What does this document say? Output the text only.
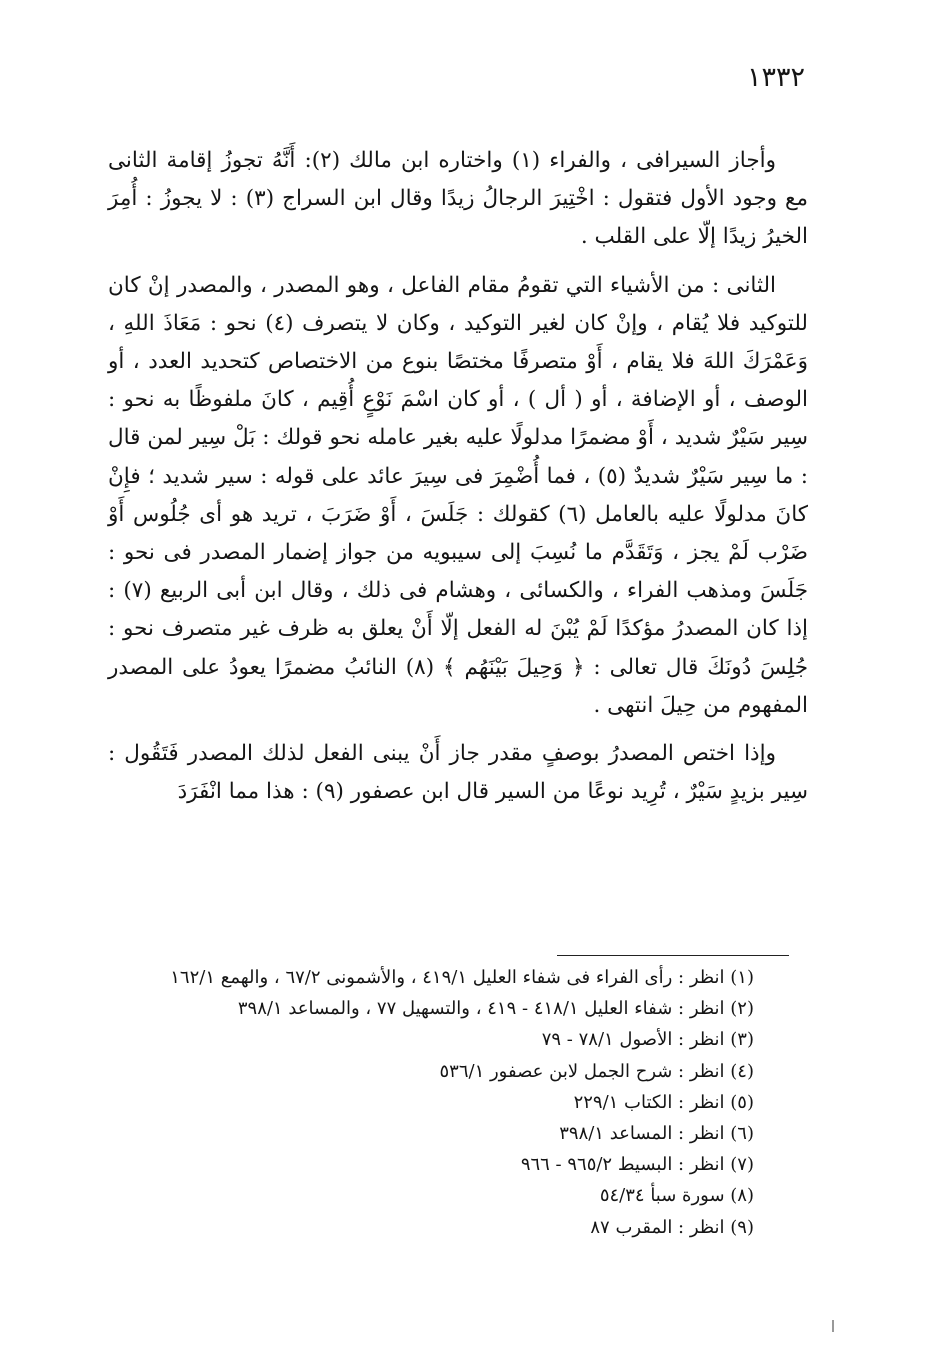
١٣٣٢

وأجاز السيرافى ، والفراء (١) واختاره ابن مالك (٢): أَنَّهُ تجوزُ إقامة الثانى مع وجود الأول فتقول : اخْتِيرَ الرجالُ زيدًا وقال ابن السراج (٣) : لا يجوزُ : أُمِرَ الخيرُ زيدًا إلّا على القلب .

الثانى : من الأشياء التي تقومُ مقام الفاعل ، وهو المصدر ، والمصدر إنْ كان للتوكيد فلا يُقام ، وإنْ كان لغير التوكيد ، وكان لا يتصرف (٤) نحو : مَعَاذَ اللهِ ، وَعَمْرَكَ اللهَ فلا يقام ، أَوْ متصرفًا مختصًا بنوع من الاختصاص كتحديد العدد ، أو الوصف ، أو الإضافة ، أو ( أل ) ، أو كان اسْمَ نَوْعٍ أُقِيم ، كانَ ملفوظًا به نحو : سِير سَيْرٌ شديد ، أَوْ مضمرًا مدلولًا عليه بغير عامله نحو قولك : بَلْ سِير لمن قال : ما سِير سَيْرٌ شديدٌ (٥) ، فما أُضْمِرَ فى سِيرَ عائد على قوله : سير شديد ؛ فإِنْ كانَ مدلولًا عليه بالعامل (٦) كقولك : جَلَسَ ، أَوْ ضَرَبَ ، تريد هو أى جُلُوس أَوْ ضَرْب لَمْ يجز ، وَتَقَدَّم ما نُسِبَ إلى سيبويه من جواز إضمار المصدر فى نحو : جَلَسَ ومذهب الفراء ، والكسائى ، وهشام فى ذلك ، وقال ابن أبى الربيع (٧) : إذا كان المصدرُ مؤكدًا لَمْ يُبْنَ له الفعل إلّا أَنْ يعلق به ظرف غير متصرف نحو : جُلِسَ دُونَكَ قال تعالى : ﴿ وَحِيلَ بَيْنَهُم ﴾ (٨) النائبُ مضمرًا يعودُ على المصدر المفهوم من حِيلَ انتهى .

وإذا اختص المصدرُ بوصفٍ مقدر جاز أَنْ يبنى الفعل لذلك المصدر فَتَقُول : سِير بزيدٍ سَيْرٌ ، تُرِيد نوعًا من السير قال ابن عصفور (٩) : هذا مما انْفَرَدَ

(١) انظر : رأى الفراء فى شفاء العليل ٤١٩/١ ، والأشمونى ٦٧/٢ ، والهمع ١٦٢/١
(٢) انظر : شفاء العليل ٤١٨/١ - ٤١٩ ، والتسهيل ٧٧ ، والمساعد ٣٩٨/١
(٣) انظر : الأصول ٧٨/١ - ٧٩
(٤) انظر : شرح الجمل لابن عصفور ٥٣٦/١
(٥) انظر : الكتاب ٢٢٩/١
(٦) انظر : المساعد ٣٩٨/١
(٧) انظر : البسيط ٩٦٥/٢ - ٩٦٦
(٨) سورة سبأ ٥٤/٣٤
(٩) انظر : المقرب ٨٧
